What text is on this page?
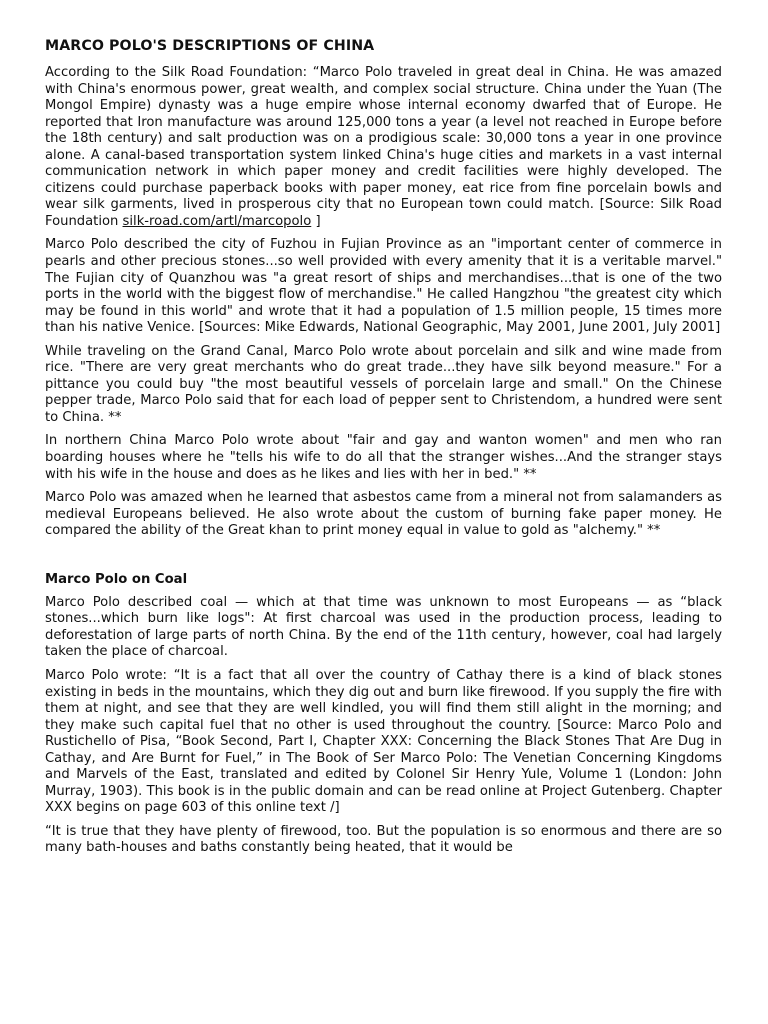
MARCO POLO'S DESCRIPTIONS OF CHINA

According to the Silk Road Foundation: “Marco Polo traveled in great deal in China. He was amazed with China's enormous power, great wealth, and complex social structure. China under the Yuan (The Mongol Empire) dynasty was a huge empire whose internal economy dwarfed that of Europe. He reported that Iron manufacture was around 125,000 tons a year (a level not reached in Europe before the 18th century) and salt production was on a prodigious scale: 30,000 tons a year in one province alone. A canal-based transportation system linked China's huge cities and markets in a vast internal communication network in which paper money and credit facilities were highly developed. The citizens could purchase paperback books with paper money, eat rice from fine porcelain bowls and wear silk garments, lived in prosperous city that no European town could match. [Source: Silk Road Foundation silk-road.com/artl/marcopolo ]

Marco Polo described the city of Fuzhou in Fujian Province as an "important center of commerce in pearls and other precious stones...so well provided with every amenity that it is a veritable marvel." The Fujian city of Quanzhou was "a great resort of ships and merchandises...that is one of the two ports in the world with the biggest flow of merchandise." He called Hangzhou "the greatest city which may be found in this world" and wrote that it had a population of 1.5 million people, 15 times more than his native Venice. [Sources: Mike Edwards, National Geographic, May 2001, June 2001, July 2001]

While traveling on the Grand Canal, Marco Polo wrote about porcelain and silk and wine made from rice. "There are very great merchants who do great trade...they have silk beyond measure." For a pittance you could buy "the most beautiful vessels of porcelain large and small." On the Chinese pepper trade, Marco Polo said that for each load of pepper sent to Christendom, a hundred were sent to China. **

In northern China Marco Polo wrote about "fair and gay and wanton women" and men who ran boarding houses where he "tells his wife to do all that the stranger wishes...And the stranger stays with his wife in the house and does as he likes and lies with her in bed." **

Marco Polo was amazed when he learned that asbestos came from a mineral not from salamanders as medieval Europeans believed. He also wrote about the custom of burning fake paper money. He compared the ability of the Great khan to print money equal in value to gold as "alchemy." **

Marco Polo on Coal

Marco Polo described coal — which at that time was unknown to most Europeans — as “black stones...which burn like logs": At first charcoal was used in the production process, leading to deforestation of large parts of north China. By the end of the 11th century, however, coal had largely taken the place of charcoal.

Marco Polo wrote: “It is a fact that all over the country of Cathay there is a kind of black stones existing in beds in the mountains, which they dig out and burn like firewood. If you supply the fire with them at night, and see that they are well kindled, you will find them still alight in the morning; and they make such capital fuel that no other is used throughout the country. [Source: Marco Polo and Rustichello of Pisa, “Book Second, Part I, Chapter XXX: Concerning the Black Stones That Are Dug in Cathay, and Are Burnt for Fuel,” in The Book of Ser Marco Polo: The Venetian Concerning Kingdoms and Marvels of the East, translated and edited by Colonel Sir Henry Yule, Volume 1 (London: John Murray, 1903). This book is in the public domain and can be read online at Project Gutenberg. Chapter XXX begins on page 603 of this online text /]

“It is true that they have plenty of firewood, too. But the population is so enormous and there are so many bath-houses and baths constantly being heated, that it would be
